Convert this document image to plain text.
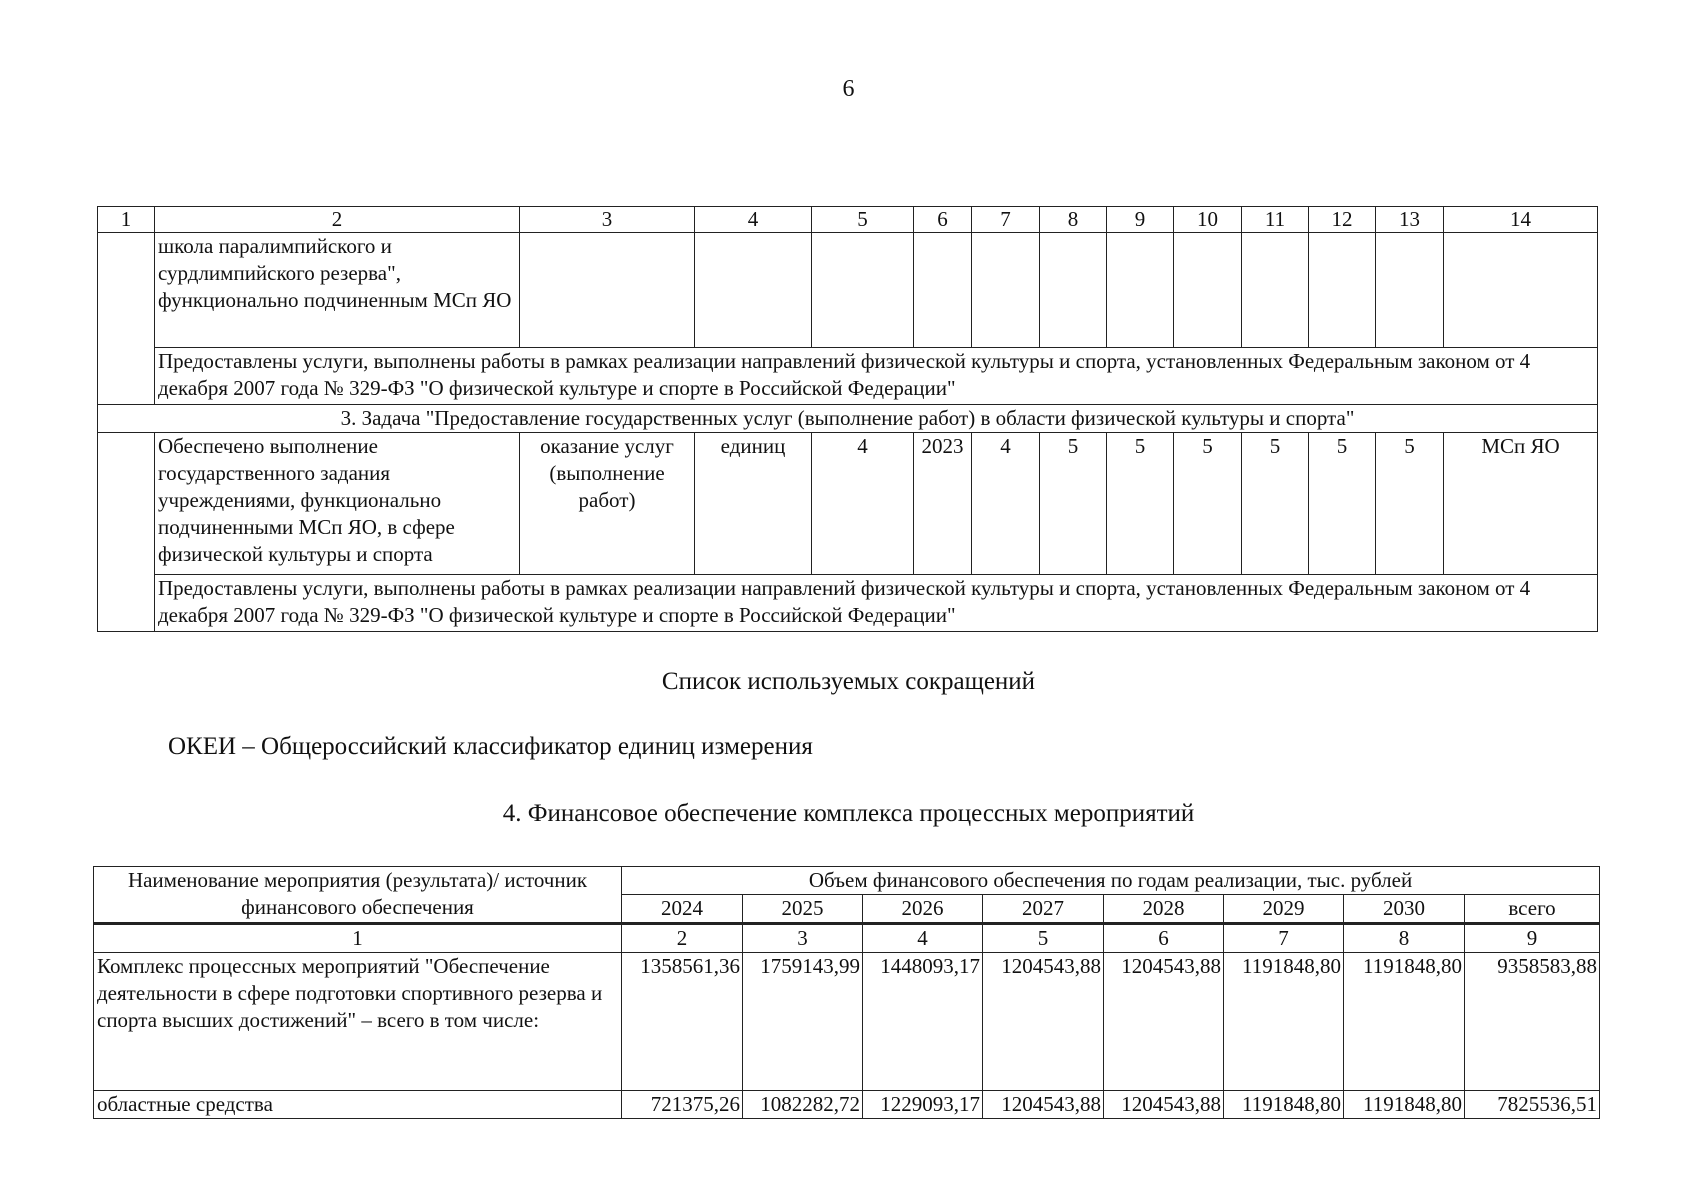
6
1	2	3	4	5	6	7	8	9	10	11	12	13	14
	школа паралимпийского и сурдлимпийского резерва", функционально подчиненным МСп ЯО												
	Предоставлены услуги, выполнены работы в рамках реализации направлений физической культуры и спорта, установленных Федеральным законом от 4 декабря 2007 года № 329-ФЗ "О физической культуре и спорте в Российской Федерации"												
3. Задача "Предоставление государственных услуг (выполнение работ) в области физической культуры и спорта"													
	Обеспечено выполнение государственного задания учреждениями, функционально подчиненными МСп ЯО, в сфере физической культуры и спорта	оказание услуг (выполнение работ)	единиц	4	2023	4	5	5	5	5	5	5	МСп ЯО
	Предоставлены услуги, выполнены работы в рамках реализации направлений физической культуры и спорта, установленных Федеральным законом от 4 декабря 2007 года № 329-ФЗ "О физической культуре и спорте в Российской Федерации"												
Список используемых сокращений
ОКЕИ – Общероссийский классификатор единиц измерения
4. Финансовое обеспечение комплекса процессных мероприятий
Наименование мероприятия (результата)/ источник финансового обеспечения	Объем финансового обеспечения по годам реализации, тыс. рублей							
	2024	2025	2026	2027	2028	2029	2030	всего
1	2	3	4	5	6	7	8	9
Комплекс процессных мероприятий "Обеспечение деятельности в сфере подготовки спортивного резерва и спорта высших достижений" – всего в том числе:	1358561,36	1759143,99	1448093,17	1204543,88	1204543,88	1191848,80	1191848,80	9358583,88
областные средства	721375,26	1082282,72	1229093,17	1204543,88	1204543,88	1191848,80	1191848,80	7825536,51
